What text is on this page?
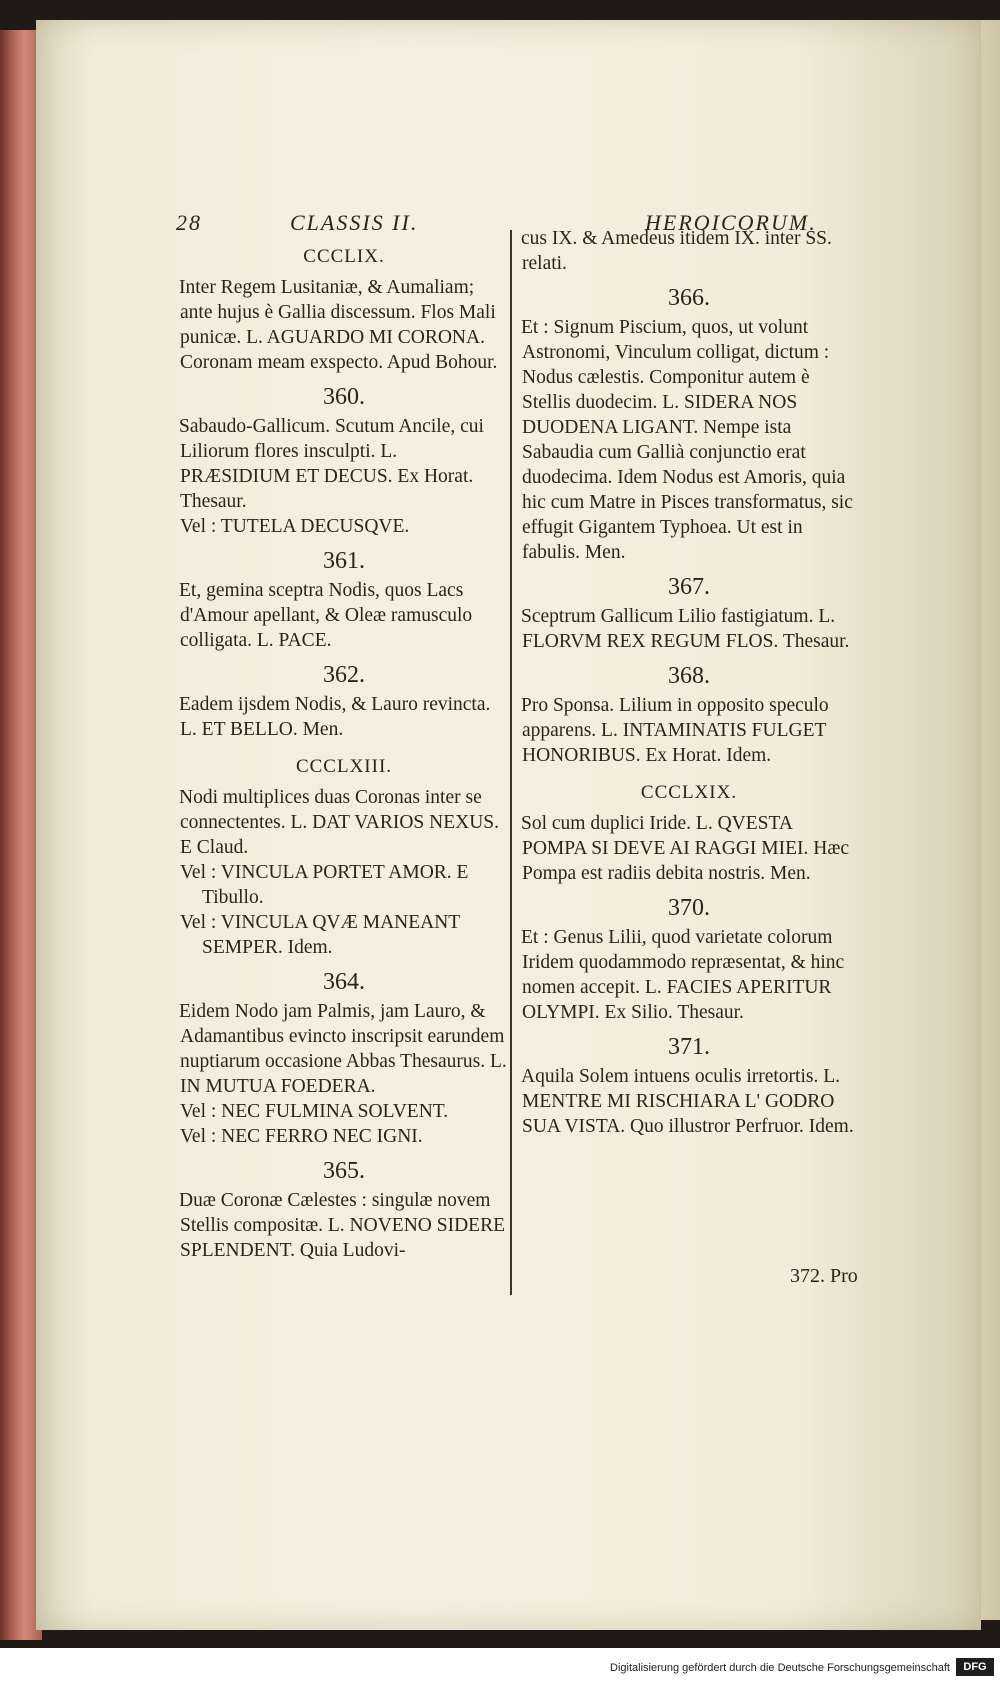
28	CLASSIS II.	HEROICORUM.
CCCLIX.
Inter Regem Lusitaniæ, & Aumaliam; ante hujus è Gallia discessum. Flos Mali punicæ. L. AGUARDO MI CORONA. Coronam meam exspecto. Apud Bohour.
360.
Sabaudo-Gallicum. Scutum Ancile, cui Liliorum flores insculpti. L. PRÆSIDIUM ET DECUS. Ex Horat. Thesaur.
Vel : TUTELA DECUSQVE.
361.
Et, gemina sceptra Nodis, quos Lacs d'Amour apellant, & Oleæ ramusculo colligata. L. PACE.
362.
Eadem ijsdem Nodis, & Lauro revincta. L. ET BELLO. Men.
CCCLXIII.
Nodi multiplices duas Coronas inter se connectentes. L. DAT VARIOS NEXUS. E Claud.
Vel : VINCULA PORTET AMOR. E Tibullo.
Vel : VINCULA QVÆ MANEANT SEMPER. Idem.
364.
Eidem Nodo jam Palmis, jam Lauro, & Adamantibus evincto inscripsit earundem nuptiarum occasione Abbas Thesaurus. L. IN MUTUA FOEDERA.
Vel : NEC FULMINA SOLVENT.
Vel : NEC FERRO NEC IGNI.
365.
Duæ Coronæ Cælestes : singulæ novem Stellis compositæ. L. NOVENO SIDERE SPLENDENT. Quia Ludovi-
cus IX. & Amedeus itidem IX. inter SS. relati.
366.
Et : Signum Piscium, quos, ut volunt Astronomi, Vinculum colligat, dictum : Nodus cælestis. Componitur autem è Stellis duodecim. L. SIDERA NOS DUODENA LIGANT. Nempe ista Sabaudia cum Gallià conjunctio erat duodecima. Idem Nodus est Amoris, quia hic cum Matre in Pisces transformatus, sic effugit Gigantem Typhoea. Ut est in fabulis. Men.
367.
Sceptrum Gallicum Lilio fastigiatum. L. FLORVM REX REGUM FLOS. Thesaur.
368.
Pro Sponsa. Lilium in opposito speculo apparens. L. INTAMINATIS FULGET HONORIBUS. Ex Horat. Idem.
CCCLXIX.
Sol cum duplici Iride. L. QVESTA POMPA SI DEVE AI RAGGI MIEI. Hæc Pompa est radiis debita nostris. Men.
370.
Et : Genus Lilii, quod varietate colorum Iridem quodammodo repræsentat, & hinc nomen accepit. L. FACIES APERITUR OLYMPI. Ex Silio. Thesaur.
371.
Aquila Solem intuens oculis irretortis. L. MENTRE MI RISCHIARA L' GODRO SUA VISTA. Quo illustror Perfruor. Idem.
372. Pro
Digitalisierung gefördert durch die Deutsche Forschungsgemeinschaft	DFG
